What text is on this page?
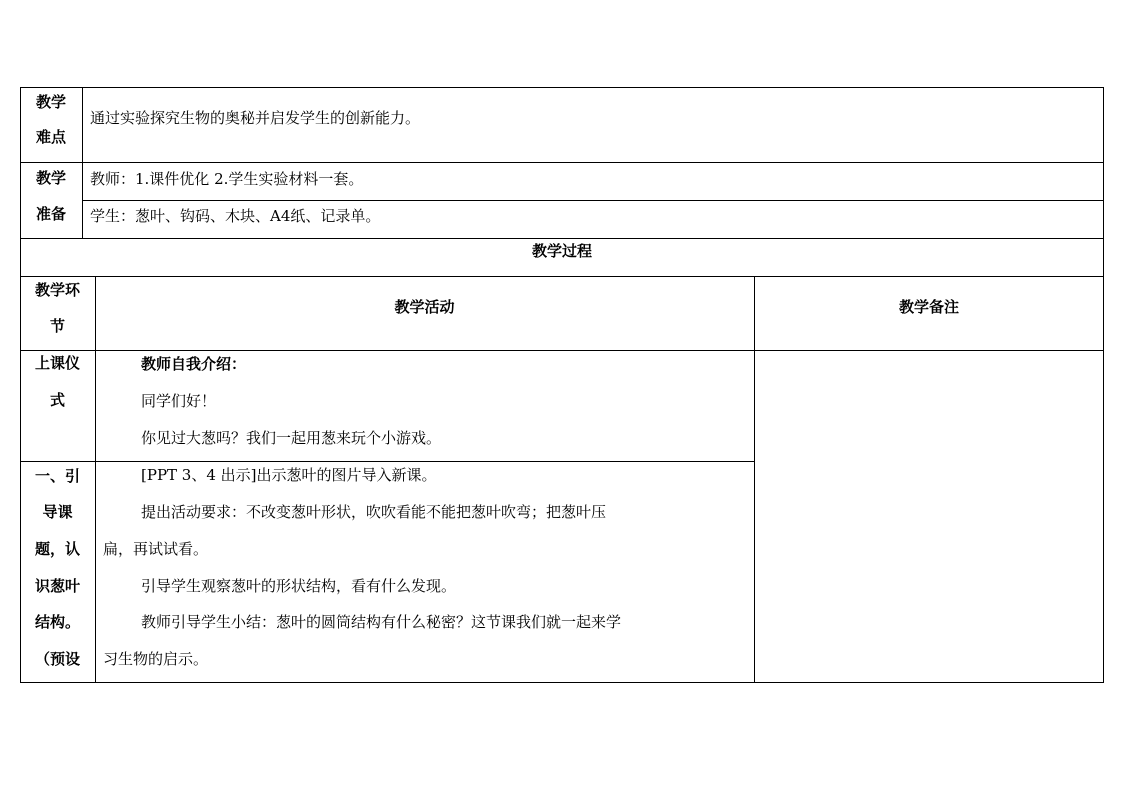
教学
难点
通过实验探究生物的奥秘并启发学生的创新能力。
教学
准备
教师：1.课件优化 2.学生实验材料一套。
学生：葱叶、钩码、木块、A4纸、记录单。
教学过程
教学环
节
教学活动	教学备注
上课仪
式
教师自我介绍：
同学们好！
你见过大葱吗？我们一起用葱来玩个小游戏。
一、引
导课
题，认
识葱叶
结构。
（预设
[PPT 3、4 出示]出示葱叶的图片导入新课。
提出活动要求：不改变葱叶形状，吹吹看能不能把葱叶吹弯；把葱叶压
扁，再试试看。
引导学生观察葱叶的形状结构，看有什么发现。
教师引导学生小结：葱叶的圆筒结构有什么秘密？这节课我们就一起来学
习生物的启示。
